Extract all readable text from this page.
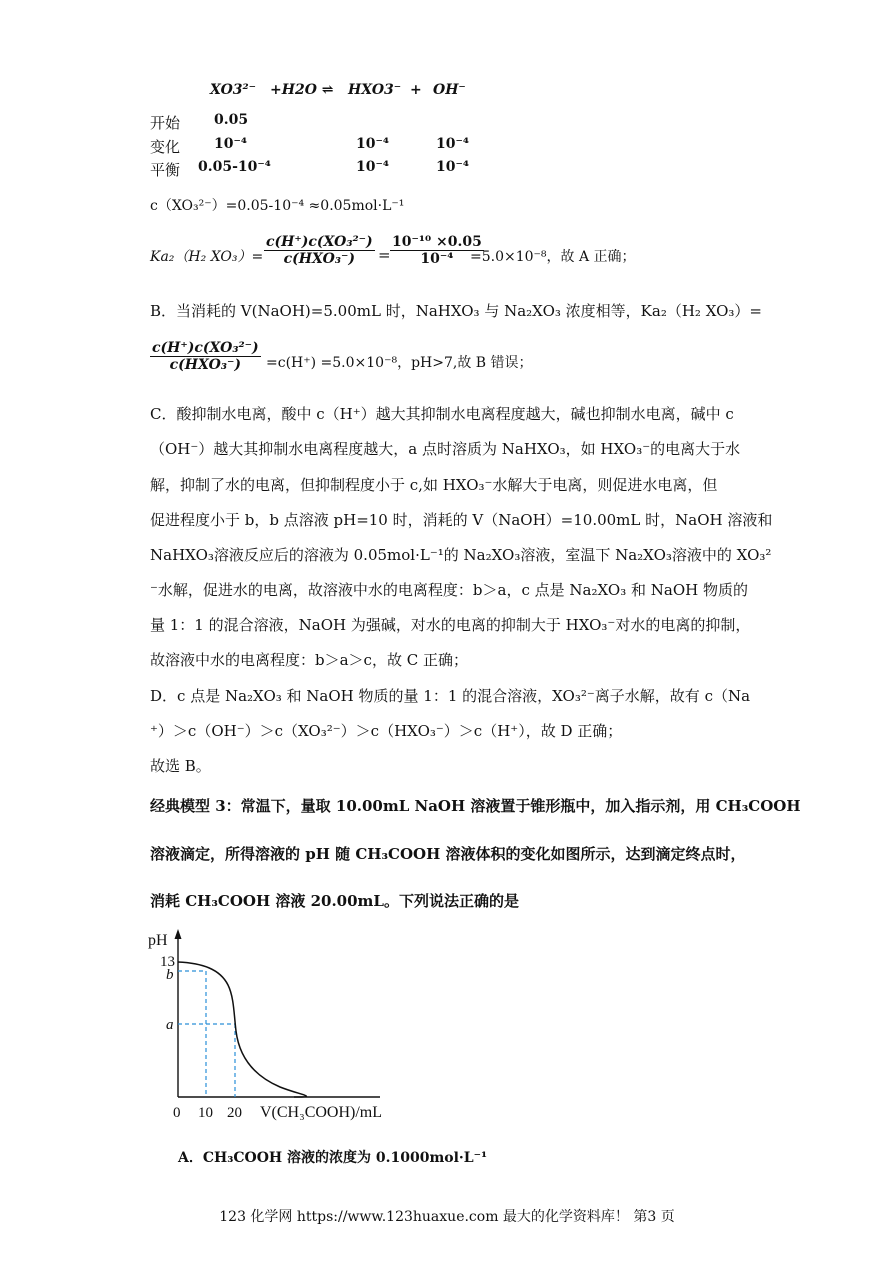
XO3²⁻ +H2O ⇌ HXO3⁻ + OH⁻
开始 0.05
变化 10⁻⁴	10⁻⁴	10⁻⁴
平衡 0.05-10⁻⁴	10⁻⁴	10⁻⁴
c（XO₃²⁻）=0.05-10⁻⁴ ≈0.05mol·L⁻¹
Ka₂（H₂ XO₃）=
c(H⁺)c(XO₃²⁻)
c(HXO₃⁻)	= $\frac{\text{10⁻¹⁰ ×0.05}}{\text{10⁻⁴}}$
=5.0×10⁻⁸，故 A 正确；
B．当消耗的 V(NaOH)=5.00mL 时，NaHXO₃ 与 Na₂XO₃ 浓度相等，Ka₂（H₂ XO₃）=
c(H⁺)c(XO₃²⁻)
c(HXO₃⁻)	=c(H⁺) =5.0×10⁻⁸，pH>7,故 B 错误；
C．酸抑制水电离，酸中 c（H⁺）越大其抑制水电离程度越大，碱也抑制水电离，碱中 c
（OH⁻）越大其抑制水电离程度越大，a 点时溶质为 NaHXO₃，如 HXO₃⁻的电离大于水
解，抑制了水的电离，但抑制程度小于 c,如 HXO₃⁻水解大于电离，则促进水电离，但
促进程度小于 b，b 点溶液 pH=10 时，消耗的 V（NaOH）=10.00mL 时，NaOH 溶液和
NaHXO₃溶液反应后的溶液为 0.05mol·L⁻¹的 Na₂XO₃溶液，室温下 Na₂XO₃溶液中的 XO₃²
⁻水解，促进水的电离，故溶液中水的电离程度：b＞a，c 点是 Na₂XO₃ 和 NaOH 物质的
量 1：1 的混合溶液，NaOH 为强碱，对水的电离的抑制大于 HXO₃⁻对水的电离的抑制，
故溶液中水的电离程度：b＞a＞c，故 C 正确；
D．c 点是 Na₂XO₃ 和 NaOH 物质的量 1：1 的混合溶液，XO₃²⁻离子水解，故有 c（Na
⁺）＞c（OH⁻）＞c（XO₃²⁻）＞c（HXO₃⁻）＞c（H⁺），故 D 正确；
故选 B。
经典模型 3：常温下，量取 10.00mL NaOH 溶液置于锥形瓶中，加入指示剂，用 CH₃COOH
溶液滴定，所得溶液的 pH 随 CH₃COOH 溶液体积的变化如图所示，达到滴定终点时，
消耗 CH₃COOH 溶液 20.00mL。下列说法正确的是
pH
13
b
a
0 10 20 V(CH₃COOH)/mL
A．CH₃COOH 溶液的浓度为 0.1000mol·L⁻¹
123 化学网 https://www.123huaxue.com 最大的化学资料库！ 第3 页
